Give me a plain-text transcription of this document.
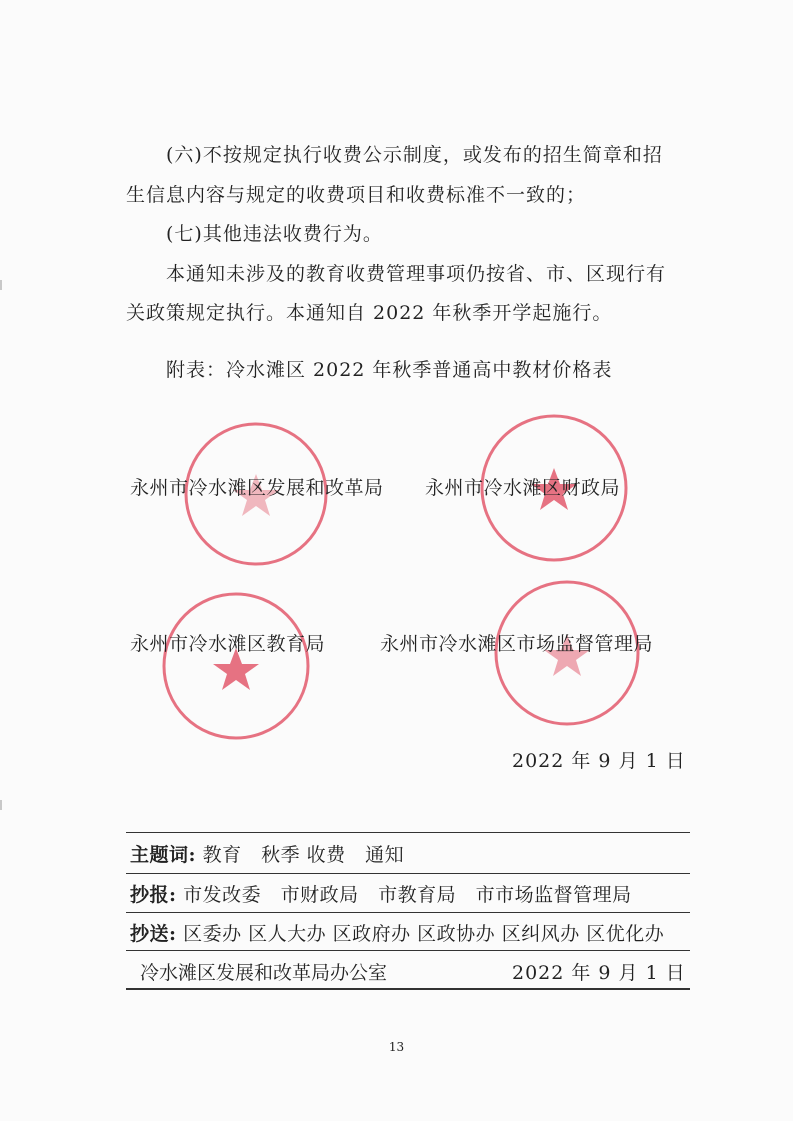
(六)不按规定执行收费公示制度，或发布的招生简章和招
生信息内容与规定的收费项目和收费标准不一致的；
(七)其他违法收费行为。
本通知未涉及的教育收费管理事项仍按省、市、区现行有
关政策规定执行。本通知自 2022 年秋季开学起施行。
附表：冷水滩区 2022 年秋季普通高中教材价格表
永州市冷水滩区发展和改革局 永州市冷水滩区财政局
永州市冷水滩区教育局	永州市冷水滩区市场监督管理局
2022 年 9 月 1 日
主题词: 教育　秋季 收费　通知
抄报: 市发改委　市财政局　市教育局　市市场监督管理局
抄送: 区委办 区人大办 区政府办 区政协办 区纠风办 区优化办
冷水滩区发展和改革局办公室	2022 年 9 月 1 日
13
